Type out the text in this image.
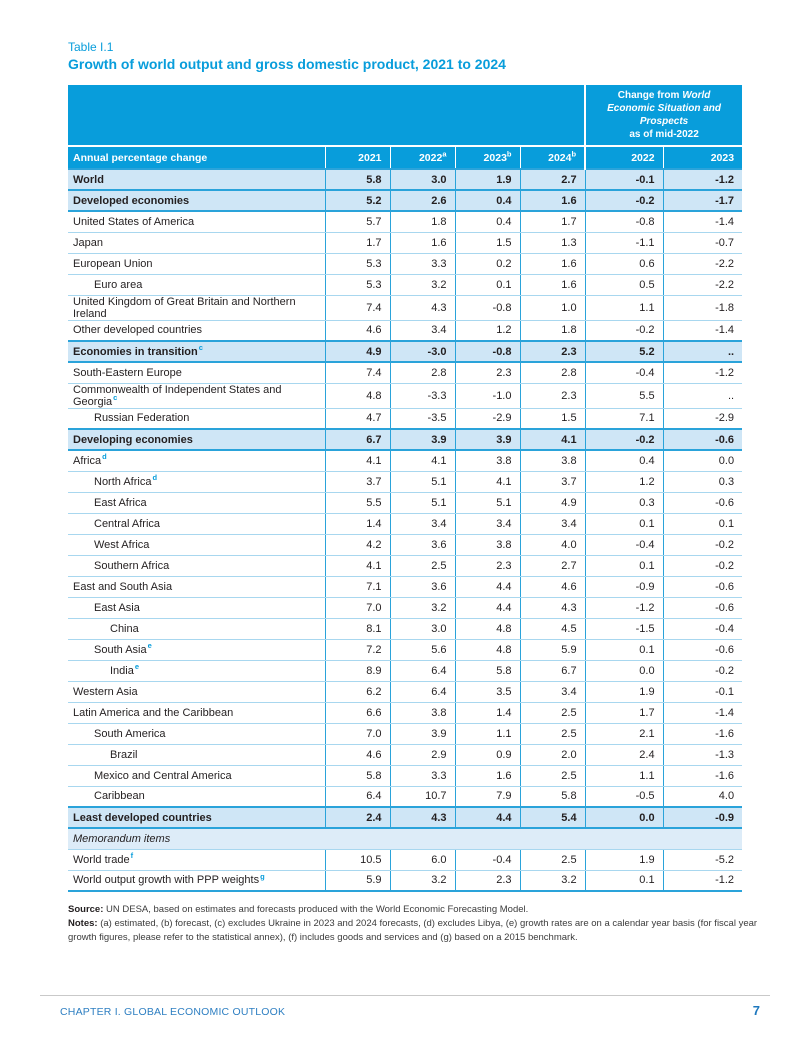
Table I.1
Growth of world output and gross domestic product, 2021 to 2024
					Change from World Economic Situation and Prospects
as of mid-2022	
Annual percentage change	2021	2022$^a$	2023$^b$	2024$^b$	2022	2023
World	5.8	3.0	1.9	2.7	-0.1	-1.2
Developed economies	5.2	2.6	0.4	1.6	-0.2	-1.7
United States of America	5.7	1.8	0.4	1.7	-0.8	-1.4
Japan	1.7	1.6	1.5	1.3	-1.1	-0.7
European Union	5.3	3.3	0.2	1.6	0.6	-2.2
Euro area	5.3	3.2	0.1	1.6	0.5	-2.2
United Kingdom of Great Britain and Northern Ireland	7.4	4.3	-0.8	1.0	1.1	-1.8
Other developed countries	4.6	3.4	1.2	1.8	-0.2	-1.4
Economies in transition$^c$	4.9	-3.0	-0.8	2.3	5.2	..
South-Eastern Europe	7.4	2.8	2.3	2.8	-0.4	-1.2
Commonwealth of Independent States and Georgia$^c$	4.8	-3.3	-1.0	2.3	5.5	..
Russian Federation	4.7	-3.5	-2.9	1.5	7.1	-2.9
Developing economies	6.7	3.9	3.9	4.1	-0.2	-0.6
Africa$^d$	4.1	4.1	3.8	3.8	0.4	0.0
North Africa$^d$	3.7	5.1	4.1	3.7	1.2	0.3
East Africa	5.5	5.1	5.1	4.9	0.3	-0.6
Central Africa	1.4	3.4	3.4	3.4	0.1	0.1
West Africa	4.2	3.6	3.8	4.0	-0.4	-0.2
Southern Africa	4.1	2.5	2.3	2.7	0.1	-0.2
East and South Asia	7.1	3.6	4.4	4.6	-0.9	-0.6
East Asia	7.0	3.2	4.4	4.3	-1.2	-0.6
China	8.1	3.0	4.8	4.5	-1.5	-0.4
South Asia$^e$	7.2	5.6	4.8	5.9	0.1	-0.6
India$^e$	8.9	6.4	5.8	6.7	0.0	-0.2
Western Asia	6.2	6.4	3.5	3.4	1.9	-0.1
Latin America and the Caribbean	6.6	3.8	1.4	2.5	1.7	-1.4
South America	7.0	3.9	1.1	2.5	2.1	-1.6
Brazil	4.6	2.9	0.9	2.0	2.4	-1.3
Mexico and Central America	5.8	3.3	1.6	2.5	1.1	-1.6
Caribbean	6.4	10.7	7.9	5.8	-0.5	4.0
Least developed countries	2.4	4.3	4.4	5.4	0.0	-0.9
Memorandum items						
World trade$^f$	10.5	6.0	-0.4	2.5	1.9	-5.2
World output growth with PPP weights$^g$	5.9	3.2	2.3	3.2	0.1	-1.2

Source: UN DESA, based on estimates and forecasts produced with the World Economic Forecasting Model.

Notes: (a) estimated, (b) forecast, (c) excludes Ukraine in 2023 and 2024 forecasts, (d) excludes Libya, (e) growth rates are on a calendar year basis (for fiscal year growth figures, please refer to the statistical annex), (f) includes goods and services and (g) based on a 2015 benchmark.

CHAPTER I. GLOBAL ECONOMIC OUTLOOK	7
